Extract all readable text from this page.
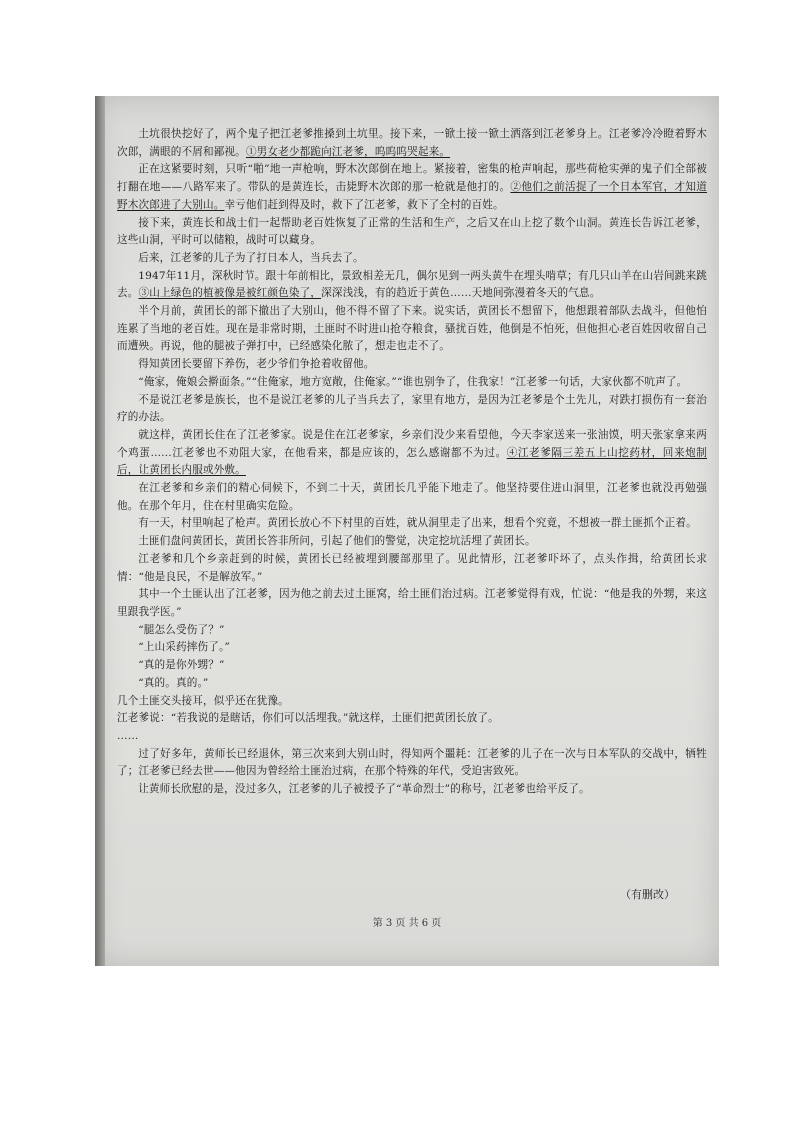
土坑很快挖好了，两个鬼子把江老爹推搡到土坑里。接下来，一锨土接一锨土洒落到江老爹身上。江老爹冷冷瞪着野木次郎，满眼的不屑和鄙视。①男女老少都跪向江老爹，呜呜呜哭起来。

正在这紧要时刻，只听“啪”地一声枪响，野木次郎倒在地上。紧接着，密集的枪声响起，那些荷枪实弹的鬼子们全部被打翻在地——八路军来了。带队的是黄连长，击毙野木次郎的那一枪就是他打的。②他们之前活捉了一个日本军官，才知道野木次郎进了大别山。幸亏他们赶到得及时，救下了江老爹，救下了全村的百姓。

接下来，黄连长和战士们一起帮助老百姓恢复了正常的生活和生产，之后又在山上挖了数个山洞。黄连长告诉江老爹，这些山洞，平时可以储粮，战时可以藏身。

后来，江老爹的儿子为了打日本人，当兵去了。

1947年11月，深秋时节。跟十年前相比，景致相差无几，偶尔见到一两头黄牛在埋头啃草；有几只山羊在山岩间跳来跳去。③山上绿色的植被像是被红颜色染了，深深浅浅，有的趋近于黄色……天地间弥漫着冬天的气息。

半个月前，黄团长的部下撤出了大别山，他不得不留了下来。说实话，黄团长不想留下，他想跟着部队去战斗，但他怕连累了当地的老百姓。现在是非常时期，土匪时不时进山抢夺粮食，骚扰百姓，他倒是不怕死，但他担心老百姓因收留自己而遭殃。再说，他的腿被子弹打中，已经感染化脓了，想走也走不了。

得知黄团长要留下养伤，老少爷们争抢着收留他。

“俺家，俺娘会擀面条。”“住俺家，地方宽敞，住俺家。”“谁也别争了，住我家！”江老爹一句话，大家伙都不吭声了。

不是说江老爹是族长，也不是说江老爹的儿子当兵去了，家里有地方，是因为江老爹是个土先儿，对跌打损伤有一套治疗的办法。

就这样，黄团长住在了江老爹家。说是住在江老爹家，乡亲们没少来看望他，今天李家送来一张油馍，明天张家拿来两个鸡蛋……江老爹也不劝阻大家，在他看来，都是应该的，怎么感谢都不为过。④江老爹隔三差五上山挖药材，回来炮制后，让黄团长内服或外敷。

在江老爹和乡亲们的精心伺候下，不到二十天，黄团长几乎能下地走了。他坚持要住进山洞里，江老爹也就没再勉强他。在那个年月，住在村里确实危险。

有一天，村里响起了枪声。黄团长放心不下村里的百姓，就从洞里走了出来，想看个究竟，不想被一群土匪抓个正着。

土匪们盘问黄团长，黄团长答非所问，引起了他们的警觉，决定挖坑活埋了黄团长。

江老爹和几个乡亲赶到的时候，黄团长已经被埋到腰部那里了。见此情形，江老爹吓坏了，点头作揖，给黄团长求情：“他是良民，不是解放军。”

其中一个土匪认出了江老爹，因为他之前去过土匪窝，给土匪们治过病。江老爹觉得有戏，忙说：“他是我的外甥，来这里跟我学医。”

“腿怎么受伤了？”

“上山采药摔伤了。”

“真的是你外甥？”

“真的。真的。”

几个土匪交头接耳，似乎还在犹豫。

江老爹说：“若我说的是瞎话，你们可以活埋我。”就这样，土匪们把黄团长放了。

……

过了好多年，黄师长已经退休，第三次来到大别山时，得知两个噩耗：江老爹的儿子在一次与日本军队的交战中，牺牲了；江老爹已经去世——他因为曾经给土匪治过病，在那个特殊的年代，受迫害致死。

让黄师长欣慰的是，没过多久，江老爹的儿子被授予了“革命烈士”的称号，江老爹也给平反了。

（有删改）
第 3 页 共 6 页
